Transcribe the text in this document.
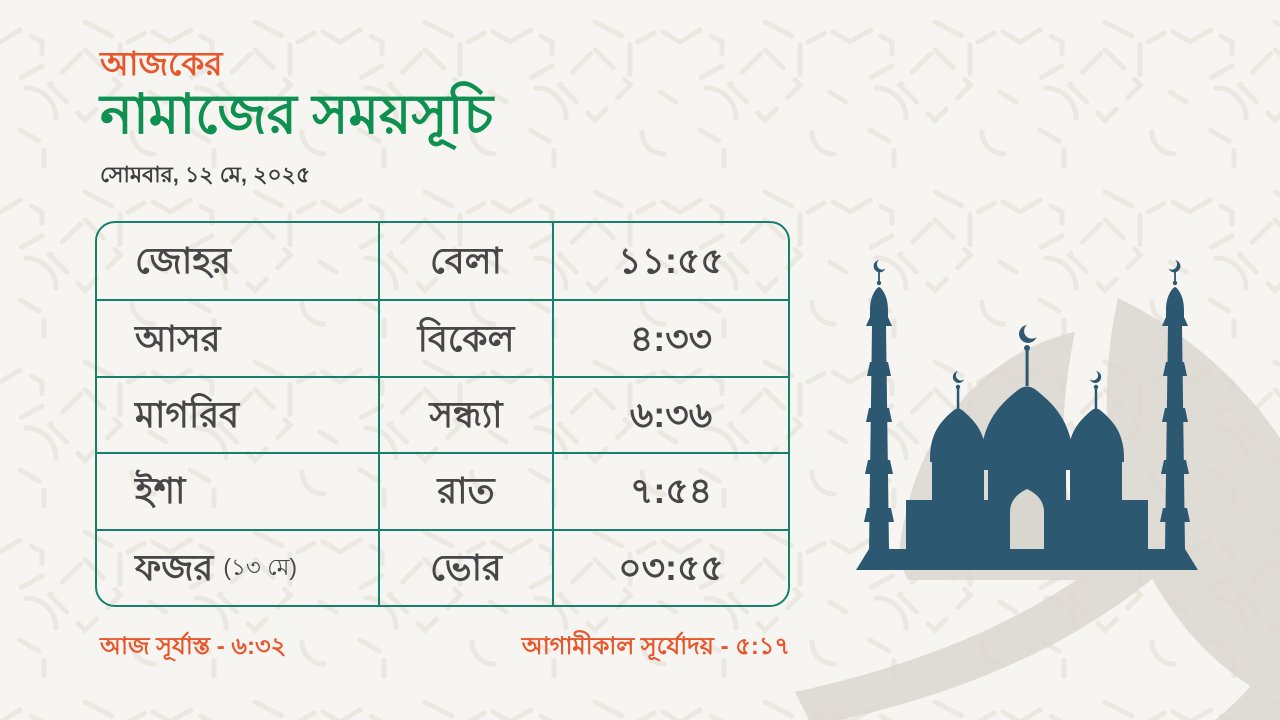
আজকের
নামাজের সময়সূচি
সোমবার, ১২ মে, ২০২৫
জোহর	বেলা	১১:৫৫
আসর	বিকেল	৪:৩৩
মাগরিব	সন্ধ্যা	৬:৩৬
ইশা	রাত	৭:৫৪
ফজর (১৩ মে)	ভোর	০৩:৫৫
আজ সূর্যাস্ত - ৬:৩২	আগামীকাল সূর্যোদয় - ৫:১৭
